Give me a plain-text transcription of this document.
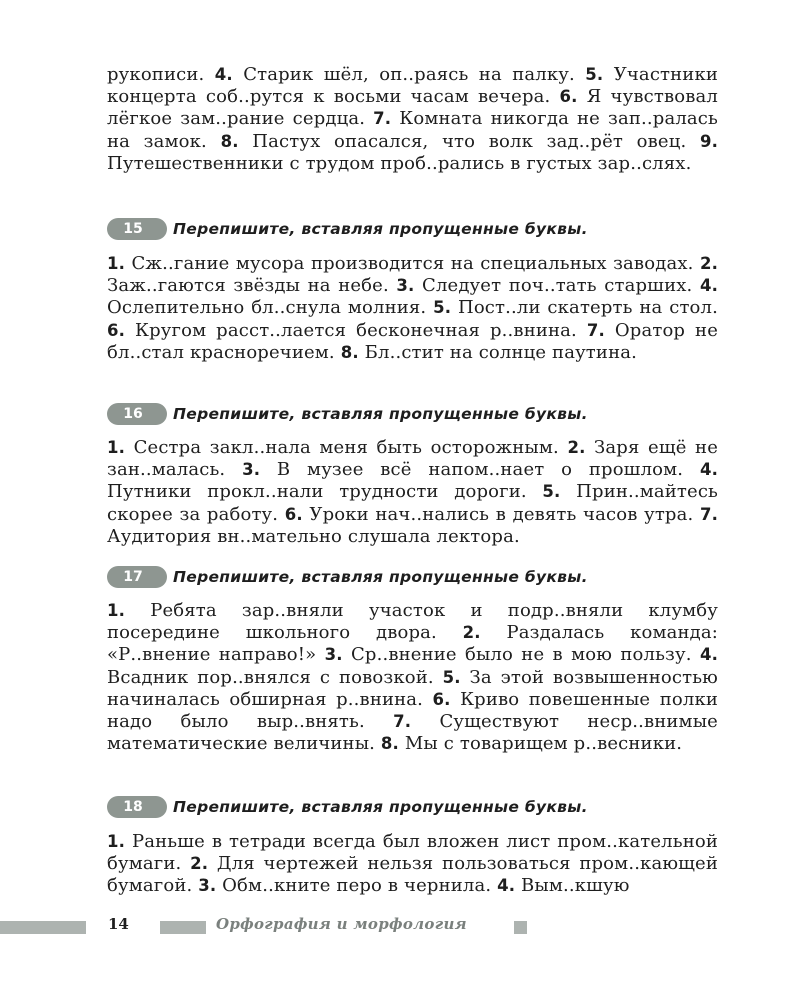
рукописи. 4. Старик шёл, оп..раясь на палку. 5. Участники концерта соб..рутся к восьми часам вечера. 6. Я чувствовал лёгкое зам..рание сердца. 7. Комната никогда не зап..ралась на замок. 8. Пастух опасался, что волк зад..рёт овец. 9. Путешественники с трудом проб..рались в густых зар..слях.
15	Перепишите, вставляя пропущенные буквы.
1. Сж..гание мусора производится на специальных заводах. 2. Заж..гаются звёзды на небе. 3. Следует поч..тать старших. 4. Ослепительно бл..снула молния. 5. Пост..ли скатерть на стол. 6. Кругом расст..лается бесконечная р..внина. 7. Оратор не бл..стал красноречием. 8. Бл..стит на солнце паутина.
16	Перепишите, вставляя пропущенные буквы.
1. Сестра закл..нала меня быть осторожным. 2. Заря ещё не зан..малась. 3. В музее всё напом..нает о прошлом. 4. Путники прокл..нали трудности дороги. 5. Прин..майтесь скорее за работу. 6. Уроки нач..нались в девять часов утра. 7. Аудитория вн..мательно слушала лектора.
17	Перепишите, вставляя пропущенные буквы.
1. Ребята зар..вняли участок и подр..вняли клумбу посередине школьного двора. 2. Раздалась команда: «Р..внение направо!» 3. Ср..внение было не в мою пользу. 4. Всадник пор..внялся с повозкой. 5. За этой возвышенностью начиналась обширная р..внина. 6. Криво повешенные полки надо было выр..внять. 7. Существуют неср..внимые математические величины. 8. Мы с товарищем р..весники.
18	Перепишите, вставляя пропущенные буквы.
1. Раньше в тетради всегда был вложен лист пром..кательной бумаги. 2. Для чертежей нельзя пользоваться пром..кающей бумагой. 3. Обм..кните перо в чернила. 4. Вым..кшую
14	Орфография и морфология
